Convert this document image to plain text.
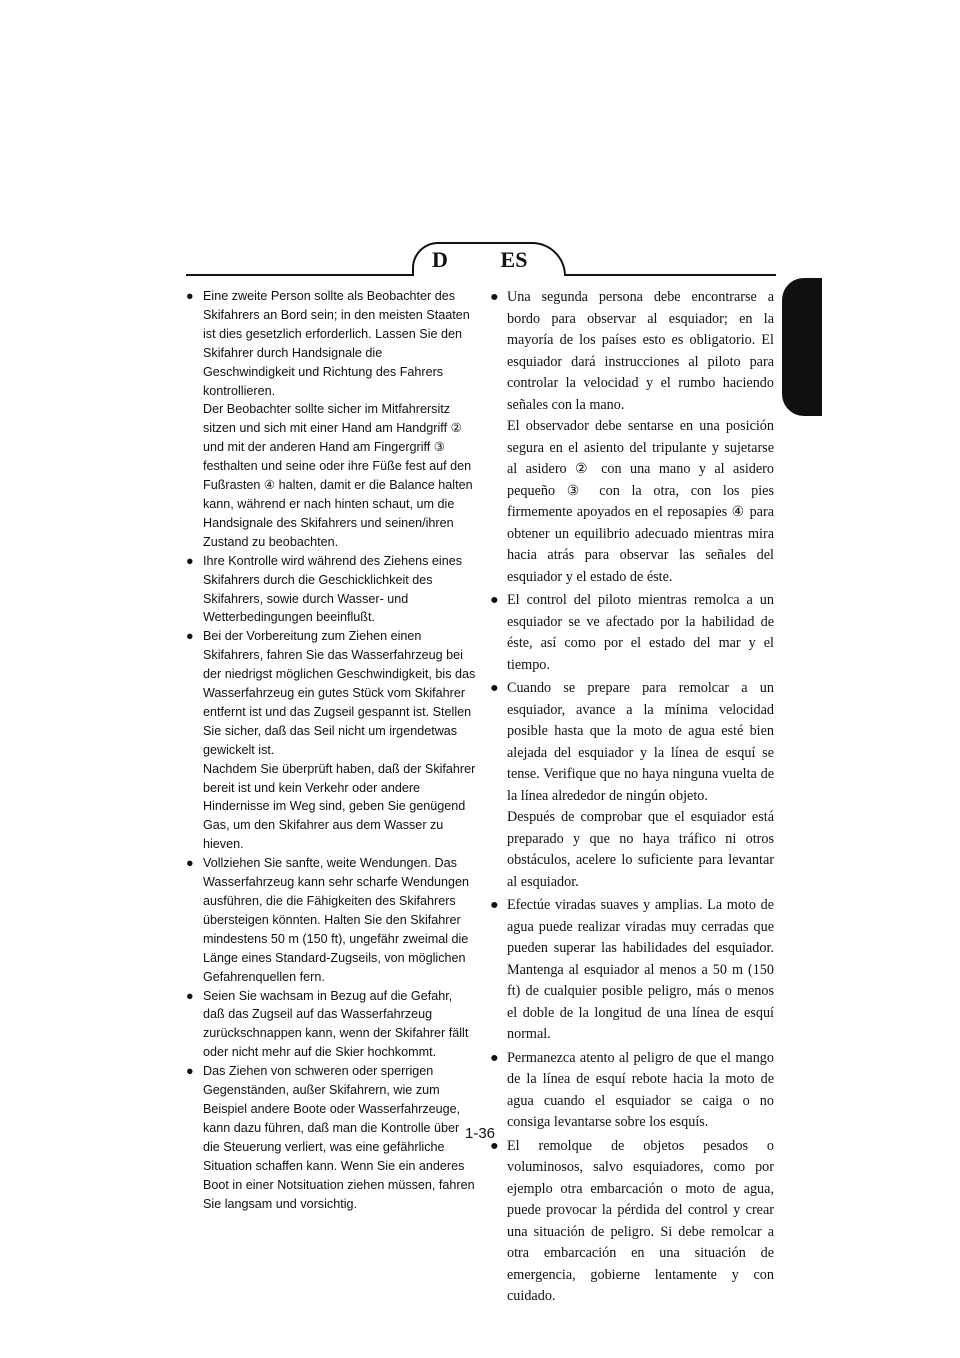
D	ES
● Eine zweite Person sollte als Beobachter des Skifahrers an Bord sein; in den meisten Staaten ist dies gesetzlich erforderlich. Lassen Sie den Skifahrer durch Handsignale die Geschwindigkeit und Richtung des Fahrers kontrollieren.

Der Beobachter sollte sicher im Mitfahrersitz sitzen und sich mit einer Hand am Handgriff ② und mit der anderen Hand am Fingergriff ③ festhalten und seine oder ihre Füße fest auf den Fußrasten ④ halten, damit er die Balance halten kann, während er nach hinten schaut, um die Handsignale des Skifahrers und seinen/ihren Zustand zu beobachten.

● Ihre Kontrolle wird während des Ziehens eines Skifahrers durch die Geschicklichkeit des Skifahrers, sowie durch Wasser- und Wetterbedingungen beeinflußt.

● Bei der Vorbereitung zum Ziehen einen Skifahrers, fahren Sie das Wasserfahrzeug bei der niedrigst möglichen Geschwindigkeit, bis das Wasserfahrzeug ein gutes Stück vom Skifahrer entfernt ist und das Zugseil gespannt ist. Stellen Sie sicher, daß das Seil nicht um irgendetwas gewickelt ist.

Nachdem Sie überprüft haben, daß der Skifahrer bereit ist und kein Verkehr oder andere Hindernisse im Weg sind, geben Sie genügend Gas, um den Skifahrer aus dem Wasser zu hieven.

● Vollziehen Sie sanfte, weite Wendungen. Das Wasserfahrzeug kann sehr scharfe Wendungen ausführen, die die Fähigkeiten des Skifahrers übersteigen könnten. Halten Sie den Skifahrer mindestens 50 m (150 ft), ungefähr zweimal die Länge eines Standard-Zugseils, von möglichen Gefahrenquellen fern.

● Seien Sie wachsam in Bezug auf die Gefahr, daß das Zugseil auf das Wasserfahrzeug zurückschnappen kann, wenn der Skifahrer fällt oder nicht mehr auf die Skier hochkommt.

● Das Ziehen von schweren oder sperrigen Gegenständen, außer Skifahrern, wie zum Beispiel andere Boote oder Wasserfahrzeuge, kann dazu führen, daß man die Kontrolle über die Steuerung verliert, was eine gefährliche Situation schaffen kann. Wenn Sie ein anderes Boot in einer Notsituation ziehen müssen, fahren Sie langsam und vorsichtig.

● Una segunda persona debe encontrarse a bordo para observar al esquiador; en la mayoría de los países esto es obligatorio. El esquiador dará instrucciones al piloto para controlar la velocidad y el rumbo haciendo señales con la mano.

El observador debe sentarse en una posición segura en el asiento del tripulante y sujetarse al asidero ② con una mano y al asidero pequeño ③ con la otra, con los pies firmemente apoyados en el reposapies ④ para obtener un equilibrio adecuado mientras mira hacia atrás para observar las señales del esquiador y el estado de éste.

● El control del piloto mientras remolca a un esquiador se ve afectado por la habilidad de éste, así como por el estado del mar y el tiempo.

● Cuando se prepare para remolcar a un esquiador, avance a la mínima velocidad posible hasta que la moto de agua esté bien alejada del esquiador y la línea de esquí se tense. Verifique que no haya ninguna vuelta de la línea alrededor de ningún objeto.

Después de comprobar que el esquiador está preparado y que no haya tráfico ni otros obstáculos, acelere lo suficiente para levantar al esquiador.

● Efectúe viradas suaves y amplias. La moto de agua puede realizar viradas muy cerradas que pueden superar las habilidades del esquiador. Mantenga al esquiador al menos a 50 m (150 ft) de cualquier posible peligro, más o menos el doble de la longitud de una línea de esquí normal.

● Permanezca atento al peligro de que el mango de la línea de esquí rebote hacia la moto de agua cuando el esquiador se caiga o no consiga levantarse sobre los esquís.

● El remolque de objetos pesados o voluminosos, salvo esquiadores, como por ejemplo otra embarcación o moto de agua, puede provocar la pérdida del control y crear una situación de peligro. Si debe remolcar a otra embarcación en una situación de emergencia, gobierne lentamente y con cuidado.

1-36
